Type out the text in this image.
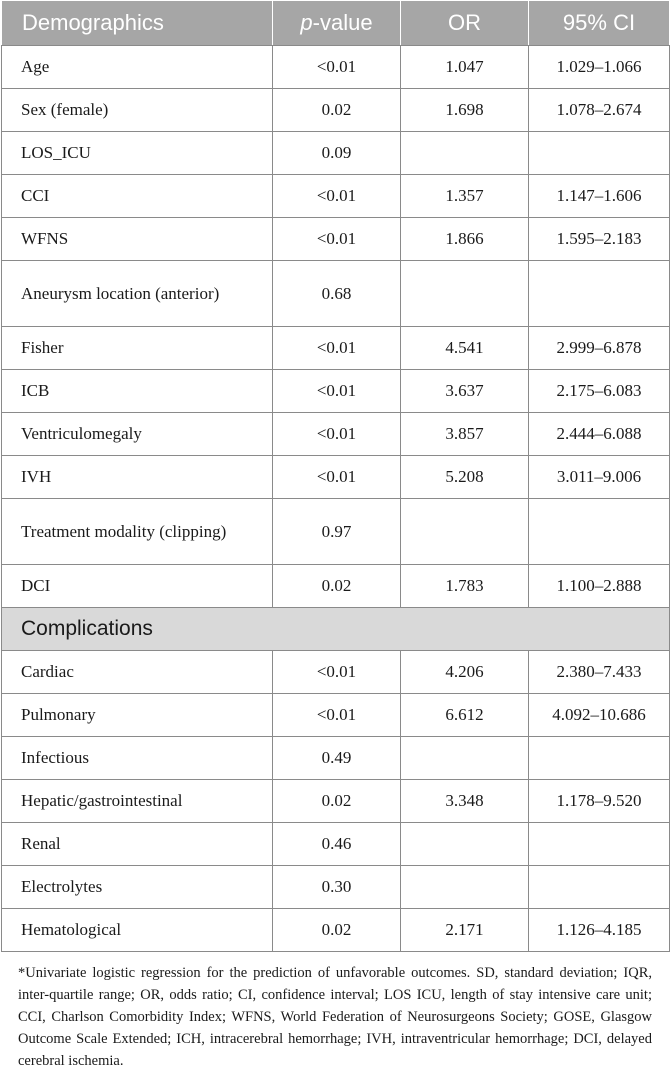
Demographics	p-value	OR	95% CI
Age	<0.01	1.047	1.029–1.066
Sex (female)	0.02	1.698	1.078–2.674
LOS_ICU	0.09		
CCI	<0.01	1.357	1.147–1.606
WFNS	<0.01	1.866	1.595–2.183
Aneurysm location (anterior)	0.68		
Fisher	<0.01	4.541	2.999–6.878
ICB	<0.01	3.637	2.175–6.083
Ventriculomegaly	<0.01	3.857	2.444–6.088
IVH	<0.01	5.208	3.011–9.006
Treatment modality (clipping)	0.97		
DCI	0.02	1.783	1.100–2.888
Complications			
Cardiac	<0.01	4.206	2.380–7.433
Pulmonary	<0.01	6.612	4.092–10.686
Infectious	0.49		
Hepatic/gastrointestinal	0.02	3.348	1.178–9.520
Renal	0.46		
Electrolytes	0.30		
Hematological	0.02	2.171	1.126–4.185

*Univariate logistic regression for the prediction of unfavorable outcomes. SD, standard deviation; IQR, inter-quartile range; OR, odds ratio; CI, confidence interval; LOS ICU, length of stay intensive care unit; CCI, Charlson Comorbidity Index; WFNS, World Federation of Neurosurgeons Society; GOSE, Glasgow Outcome Scale Extended; ICH, intracerebral hemorrhage; IVH, intraventricular hemorrhage; DCI, delayed cerebral ischemia.
